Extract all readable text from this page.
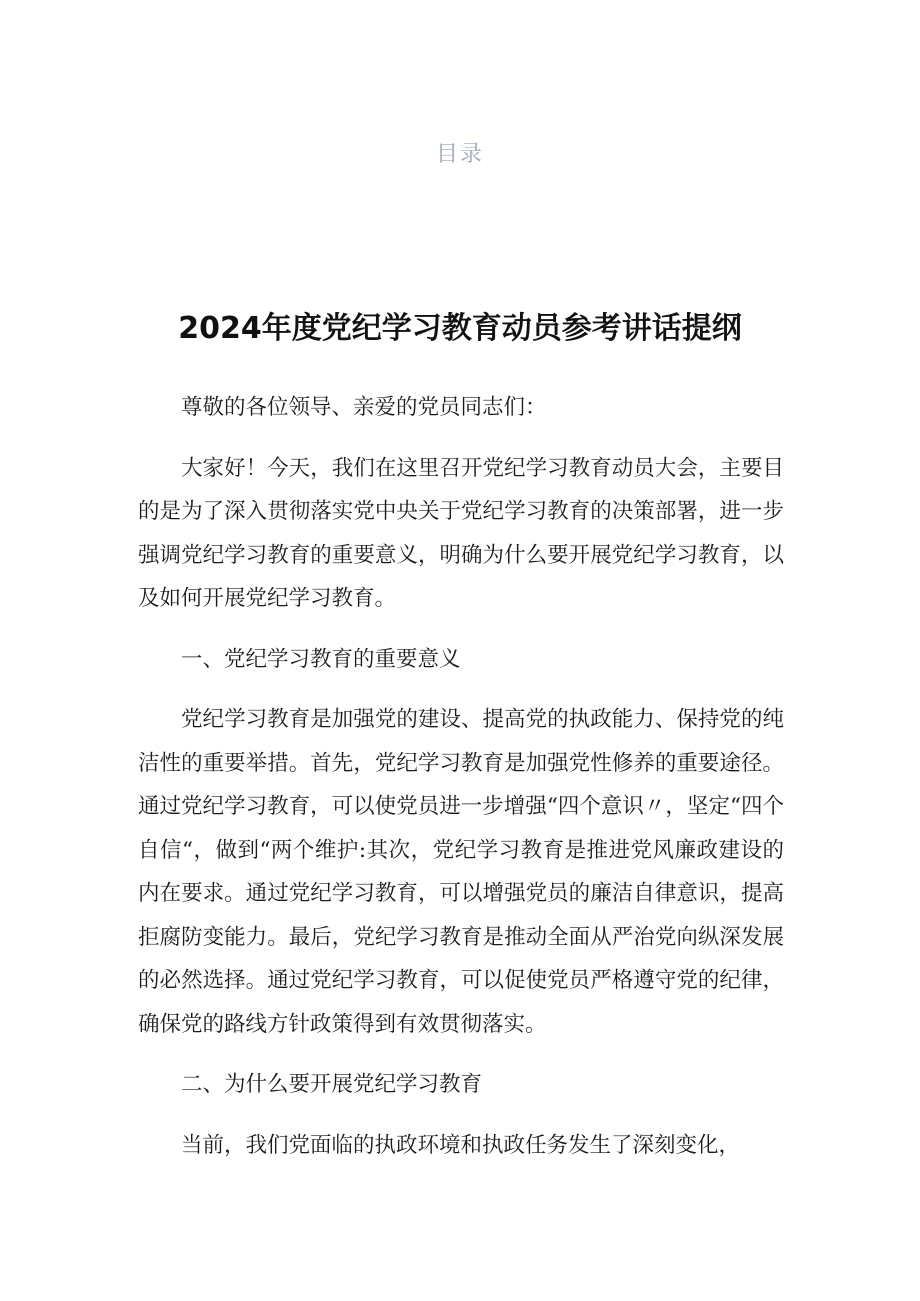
目录
2024年度党纪学习教育动员参考讲话提纲

尊敬的各位领导、亲爱的党员同志们：

大家好！今天，我们在这里召开党纪学习教育动员大会，主要目的是为了深入贯彻落实党中央关于党纪学习教育的决策部署，进一步强调党纪学习教育的重要意义，明确为什么要开展党纪学习教育，以及如何开展党纪学习教育。

一、党纪学习教育的重要意义

党纪学习教育是加强党的建设、提高党的执政能力、保持党的纯洁性的重要举措。首先，党纪学习教育是加强党性修养的重要途径。通过党纪学习教育，可以使党员进一步增强“四个意识〃，坚定“四个自信“，做到“两个维护:其次，党纪学习教育是推进党风廉政建设的内在要求。通过党纪学习教育，可以增强党员的廉洁自律意识，提高拒腐防变能力。最后，党纪学习教育是推动全面从严治党向纵深发展的必然选择。通过党纪学习教育，可以促使党员严格遵守党的纪律，确保党的路线方针政策得到有效贯彻落实。

二、为什么要开展党纪学习教育

当前，我们党面临的执政环境和执政任务发生了深刻变化，
